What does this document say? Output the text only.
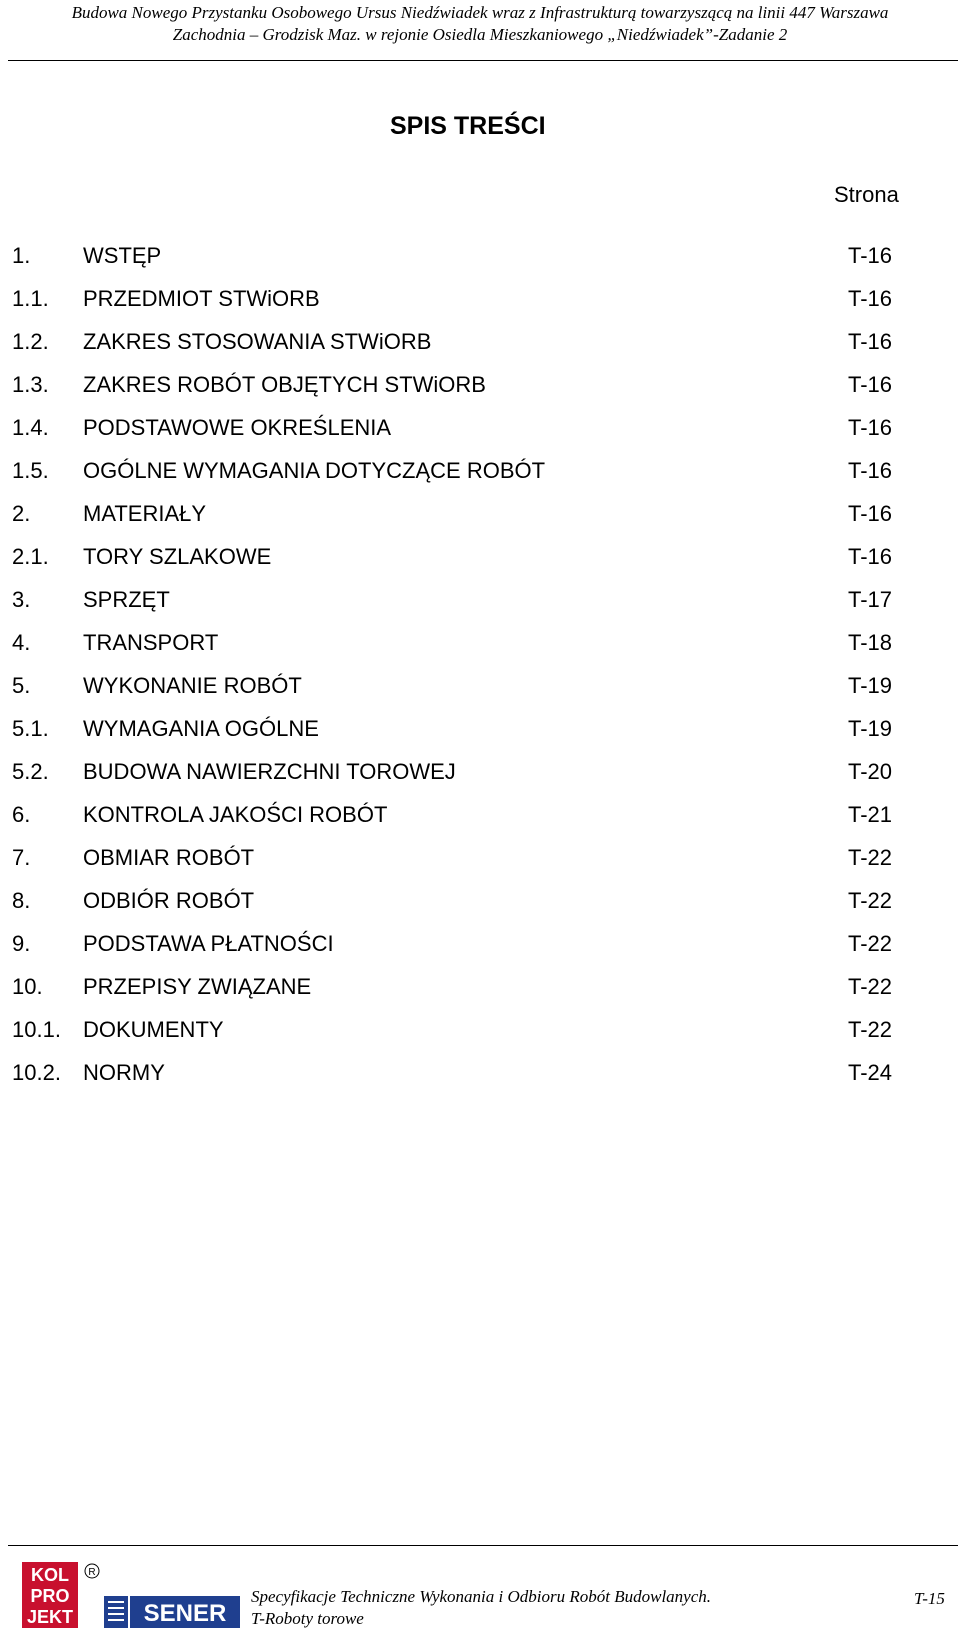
Budowa Nowego Przystanku Osobowego Ursus Niedźwiadek wraz z Infrastrukturą towarzyszącą na linii 447 Warszawa
Zachodnia – Grodzisk Maz. w rejonie Osiedla Mieszkaniowego „Niedźwiadek”-Zadanie 2
SPIS TREŚCI
Strona
1. WSTĘP	T-16
1.1. PRZEDMIOT STWiORB	T-16
1.2. ZAKRES STOSOWANIA STWiORB	T-16
1.3. ZAKRES ROBÓT OBJĘTYCH STWiORB	T-16
1.4. PODSTAWOWE OKREŚLENIA	T-16
1.5. OGÓLNE WYMAGANIA DOTYCZĄCE ROBÓT	T-16
2. MATERIAŁY	T-16
2.1. TORY SZLAKOWE	T-16
3. SPRZĘT	T-17
4. TRANSPORT	T-18
5. WYKONANIE ROBÓT	T-19
5.1. WYMAGANIA OGÓLNE	T-19
5.2. BUDOWA NAWIERZCHNI TOROWEJ	T-20
6. KONTROLA JAKOŚCI ROBÓT	T-21
7. OBMIAR ROBÓT	T-22
8. ODBIÓR ROBÓT	T-22
9. PODSTAWA PŁATNOŚCI	T-22
10. PRZEPISY ZWIĄZANE	T-22
10.1. DOKUMENTY	T-22
10.2. NORMY	T-24
KOL
PRO
JEKT
R
SENER
Specyfikacje Techniczne Wykonania i Odbioru Robót Budowlanych.
T-Roboty torowe
T-15
